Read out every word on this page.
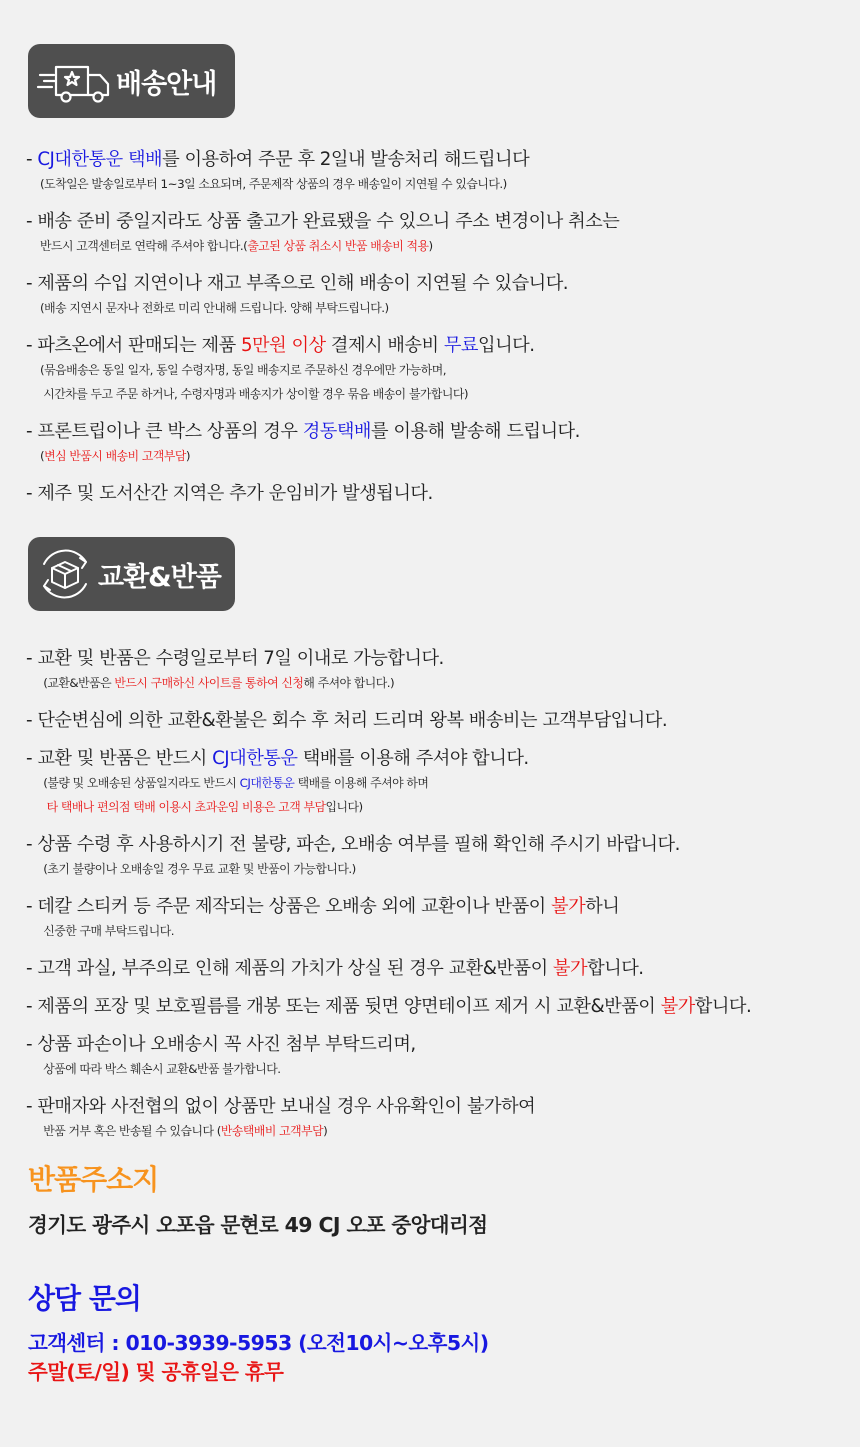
배송안내
- CJ대한통운 택배를 이용하여 주문 후 2일내 발송처리 해드립니다
(도착일은 발송일로부터 1~3일 소요되며, 주문제작 상품의 경우 배송일이 지연될 수 있습니다.)
- 배송 준비 중일지라도 상품 출고가 완료됐을 수 있으니 주소 변경이나 취소는
반드시 고객센터로 연락해 주셔야 합니다.(출고된 상품 취소시 반품 배송비 적용)
- 제품의 수입 지연이나 재고 부족으로 인해 배송이 지연될 수 있습니다.
(배송 지연시 문자나 전화로 미리 안내해 드립니다. 양해 부탁드립니다.)
- 파츠온에서 판매되는 제품 5만원 이상 결제시 배송비 무료입니다.
(묶음배송은 동일 일자, 동일 수령자명, 동일 배송지로 주문하신 경우에만 가능하며,
시간차를 두고 주문 하거나, 수령자명과 배송지가 상이할 경우 묶음 배송이 불가합니다)
- 프론트립이나 큰 박스 상품의 경우 경동택배를 이용해 발송해 드립니다.
(변심 반품시 배송비 고객부담)
- 제주 및 도서산간 지역은 추가 운임비가 발생됩니다.
교환&반품
- 교환 및 반품은 수령일로부터 7일 이내로 가능합니다.
(교환&반품은 반드시 구매하신 사이트를 통하여 신청해 주셔야 합니다.)
- 단순변심에 의한 교환&환불은 회수 후 처리 드리며 왕복 배송비는 고객부담입니다.
- 교환 및 반품은 반드시 CJ대한통운 택배를 이용해 주셔야 합니다.
(불량 및 오배송된 상품일지라도 반드시 CJ대한통운 택배를 이용해 주셔야 하며
타 택배나 편의점 택배 이용시 초과운임 비용은 고객 부담입니다)
- 상품 수령 후 사용하시기 전 불량, 파손, 오배송 여부를 필해 확인해 주시기 바랍니다.
(초기 불량이나 오배송일 경우 무료 교환 및 반품이 가능합니다.)
- 데칼 스티커 등 주문 제작되는 상품은 오배송 외에 교환이나 반품이 불가하니
신중한 구매 부탁드립니다.
- 고객 과실, 부주의로 인해 제품의 가치가 상실 된 경우 교환&반품이 불가합니다.
- 제품의 포장 및 보호필름를 개봉 또는 제품 뒷면 양면테이프 제거 시 교환&반품이 불가합니다.
- 상품 파손이나 오배송시 꼭 사진 첨부 부탁드리며,
상품에 따라 박스 훼손시 교환&반품 불가합니다.
- 판매자와 사전협의 없이 상품만 보내실 경우 사유확인이 불가하여
반품 거부 혹은 반송될 수 있습니다 (반송택배비 고객부담)
반품주소지
경기도 광주시 오포읍 문현로 49 CJ 오포 중앙대리점
상담 문의
고객센터 : 010-3939-5953 (오전10시~오후5시)
주말(토/일) 및 공휴일은 휴무
